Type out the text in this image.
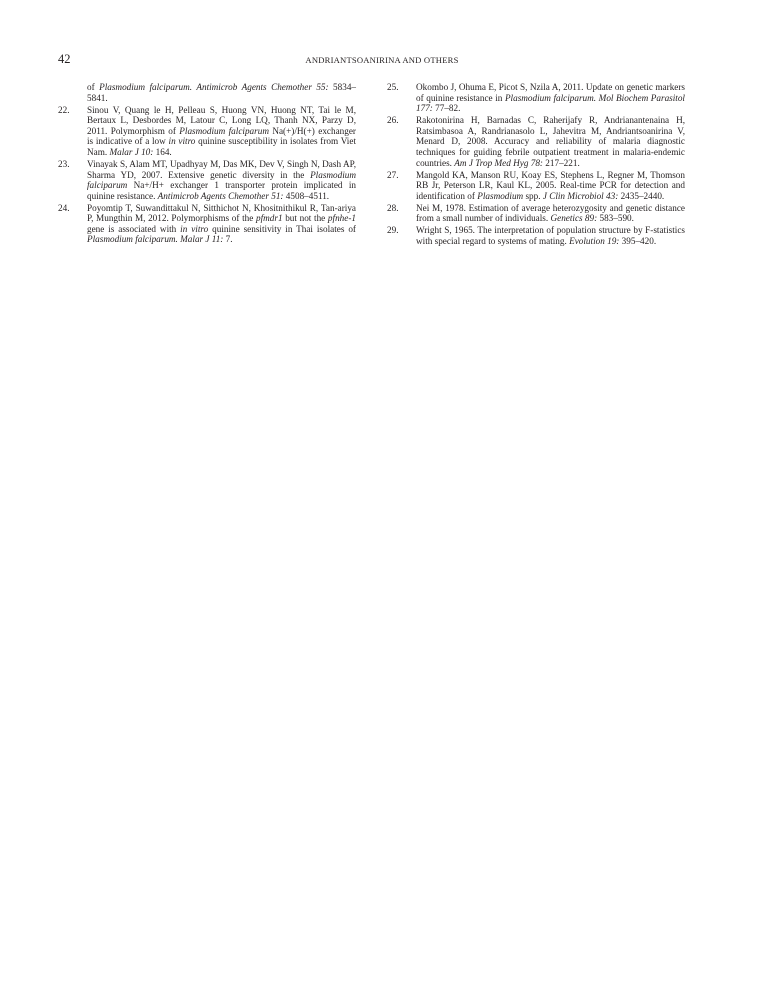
42	ANDRIANTSOANIRINA AND OTHERS
of Plasmodium falciparum. Antimicrob Agents Chemother 55: 5834–5841.
22.	Sinou V, Quang le H, Pelleau S, Huong VN, Huong NT, Tai le M, Bertaux L, Desbordes M, Latour C, Long LQ, Thanh NX, Parzy D, 2011. Polymorphism of Plasmodium falciparum Na(+)/H(+) exchanger is indicative of a low in vitro quinine susceptibility in isolates from Viet Nam. Malar J 10: 164.
23.	Vinayak S, Alam MT, Upadhyay M, Das MK, Dev V, Singh N, Dash AP, Sharma YD, 2007. Extensive genetic diversity in the Plasmodium falciparum Na+/H+ exchanger 1 transporter protein implicated in quinine resistance. Antimicrob Agents Chemother 51: 4508–4511.
24.	Poyomtip T, Suwandittakul N, Sitthichot N, Khositnithikul R, Tan-ariya P, Mungthin M, 2012. Polymorphisms of the pfmdr1 but not the pfnhe-1 gene is associated with in vitro quinine sensitivity in Thai isolates of Plasmodium falciparum. Malar J 11: 7.
25.	Okombo J, Ohuma E, Picot S, Nzila A, 2011. Update on genetic markers of quinine resistance in Plasmodium falciparum. Mol Biochem Parasitol 177: 77–82.
26.	Rakotonirina H, Barnadas C, Raherijafy R, Andrianantenaina H, Ratsimbasoa A, Randrianasolo L, Jahevitra M, Andriantsoanirina V, Menard D, 2008. Accuracy and reliability of malaria diagnostic techniques for guiding febrile outpatient treatment in malaria-endemic countries. Am J Trop Med Hyg 78: 217–221.
27.	Mangold KA, Manson RU, Koay ES, Stephens L, Regner M, Thomson RB Jr, Peterson LR, Kaul KL, 2005. Real-time PCR for detection and identification of Plasmodium spp. J Clin Microbiol 43: 2435–2440.
28.	Nei M, 1978. Estimation of average heterozygosity and genetic distance from a small number of individuals. Genetics 89: 583–590.
29.	Wright S, 1965. The interpretation of population structure by F-statistics with special regard to systems of mating. Evolution 19: 395–420.
